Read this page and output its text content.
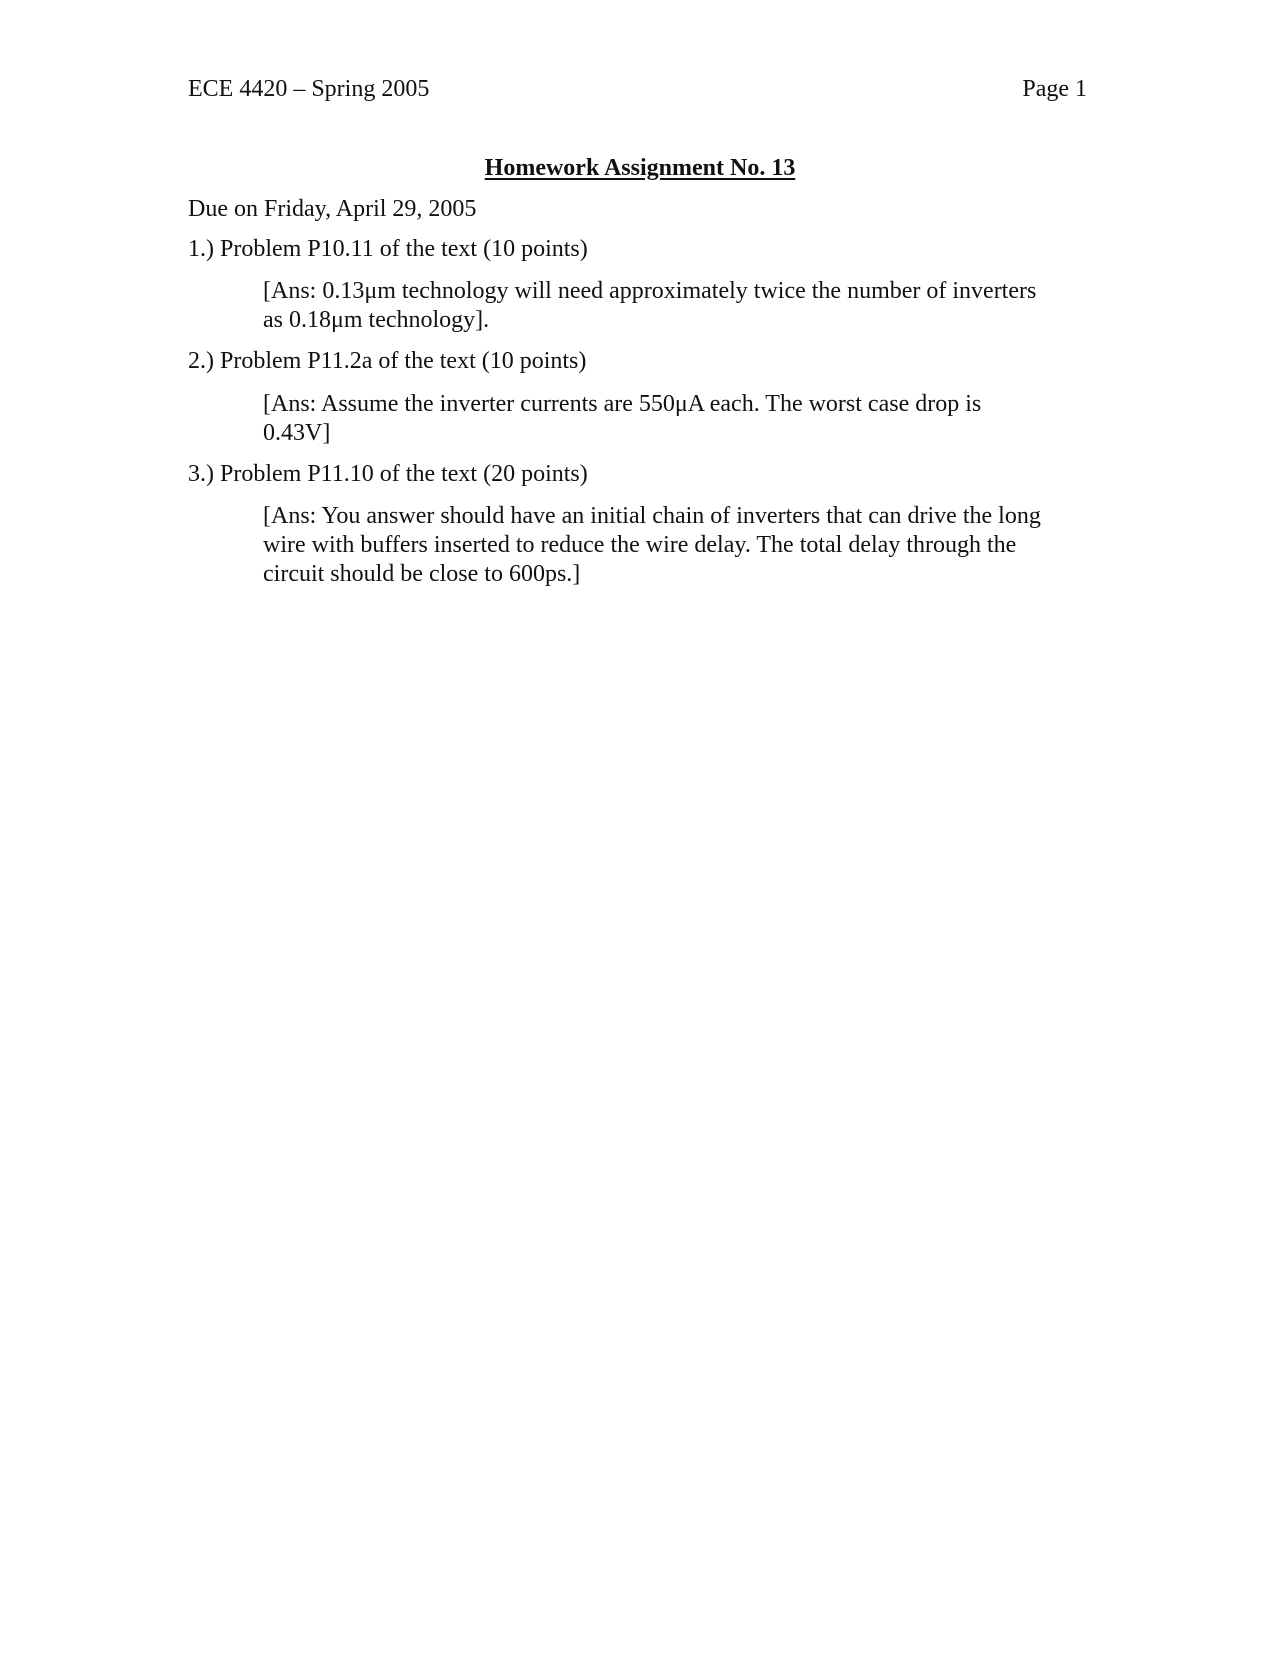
ECE 4420 – Spring 2005	Page 1
Homework Assignment No. 13
Due on Friday, April 29, 2005
1.) Problem P10.11 of the text (10 points)
[Ans: 0.13μm technology will need approximately twice the number of inverters
as 0.18μm technology].
2.) Problem P11.2a of the text (10 points)
[Ans: Assume the inverter currents are 550μA each. The worst case drop is
0.43V]
3.) Problem P11.10 of the text (20 points)
[Ans: You answer should have an initial chain of inverters that can drive the long
wire with buffers inserted to reduce the wire delay. The total delay through the
circuit should be close to 600ps.]
